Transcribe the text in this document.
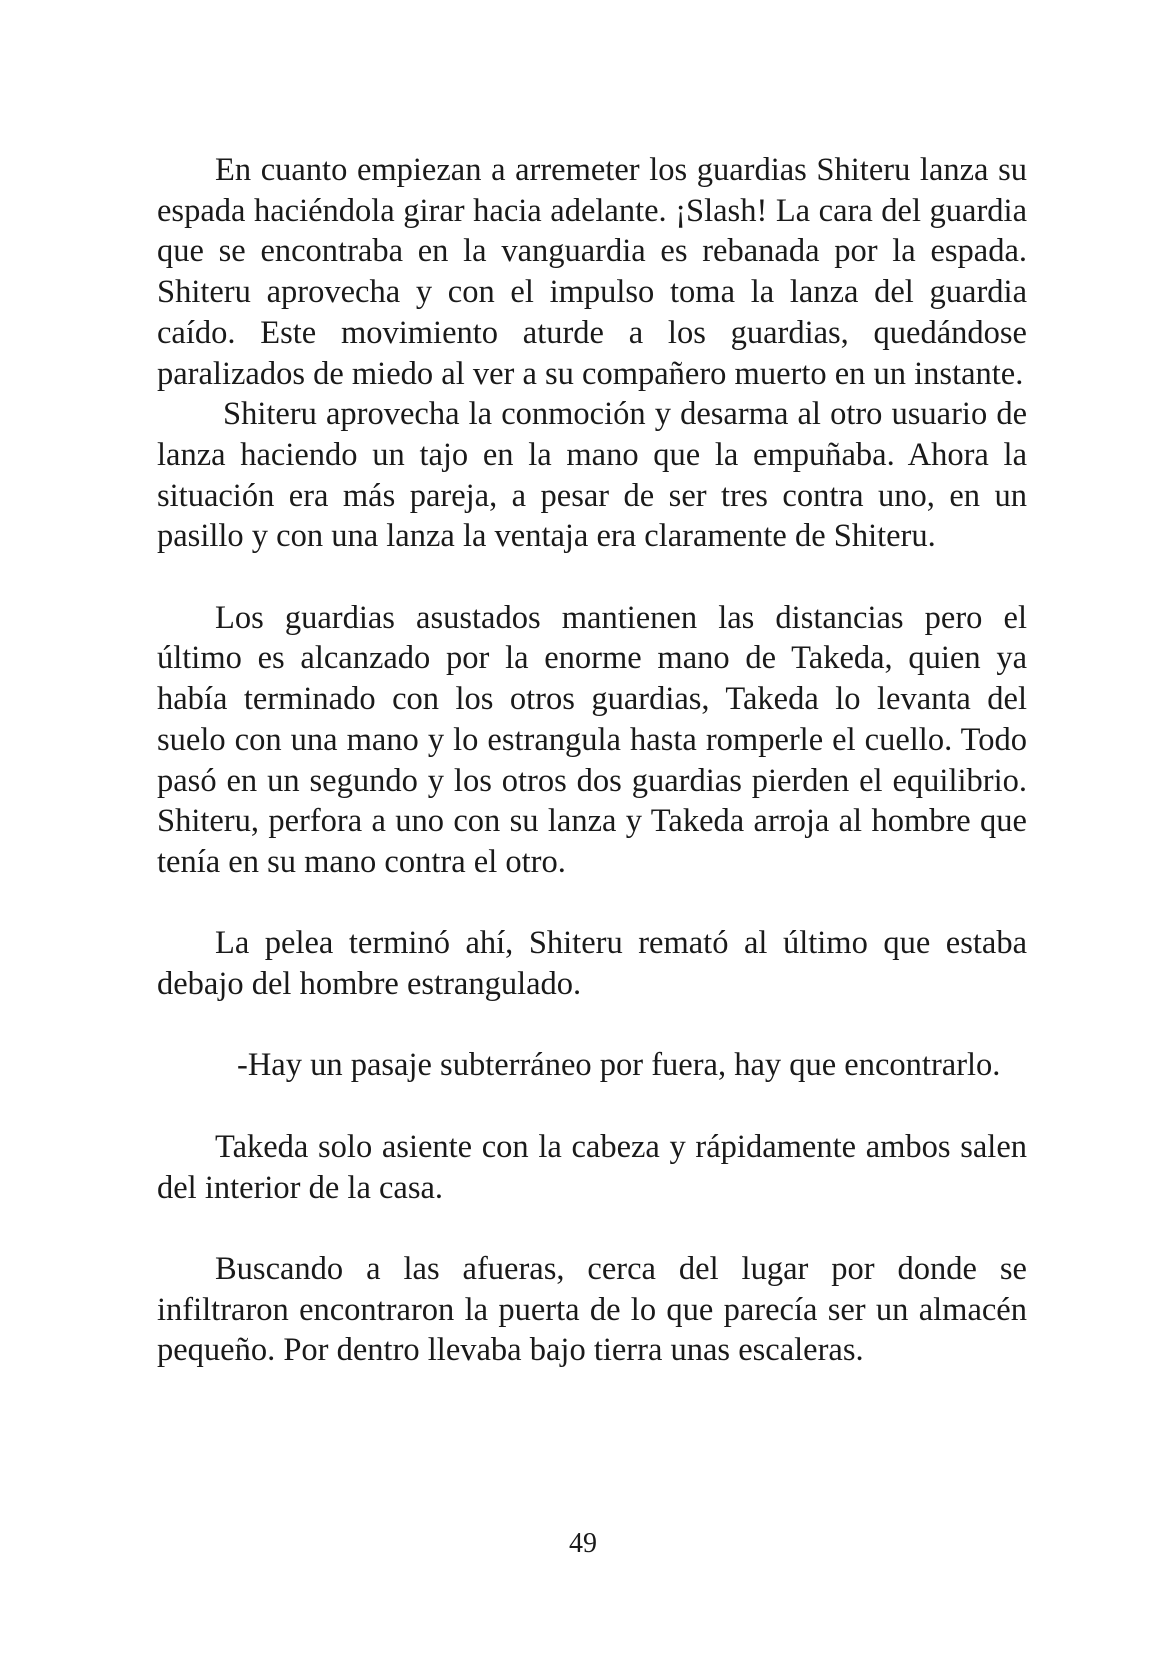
En cuanto empiezan a arremeter los guardias Shiteru lanza su espada haciéndola girar hacia adelante. ¡Slash! La cara del guardia que se encontraba en la vanguardia es rebanada por la espada. Shiteru aprovecha y con el impulso toma la lanza del guardia caído. Este movimiento aturde a los guardias, quedándose paralizados de miedo al ver a su compañero muerto en un instante.

Shiteru aprovecha la conmoción y desarma al otro usuario de lanza haciendo un tajo en la mano que la empuñaba. Ahora la situación era más pareja, a pesar de ser tres contra uno, en un pasillo y con una lanza la ventaja era claramente de Shiteru.

Los guardias asustados mantienen las distancias pero el último es alcanzado por la enorme mano de Takeda, quien ya había terminado con los otros guardias, Takeda lo levanta del suelo con una mano y lo estrangula hasta romperle el cuello. Todo pasó en un segundo y los otros dos guardias pierden el equilibrio. Shiteru, perfora a uno con su lanza y Takeda arroja al hombre que tenía en su mano contra el otro.

La pelea terminó ahí, Shiteru remató al último que estaba debajo del hombre estrangulado.

-Hay un pasaje subterráneo por fuera, hay que encontrarlo.

Takeda solo asiente con la cabeza y rápidamente ambos salen del interior de la casa.

Buscando a las afueras, cerca del lugar por donde se infiltraron encontraron la puerta de lo que parecía ser un almacén pequeño. Por dentro llevaba bajo tierra unas escaleras.

49
